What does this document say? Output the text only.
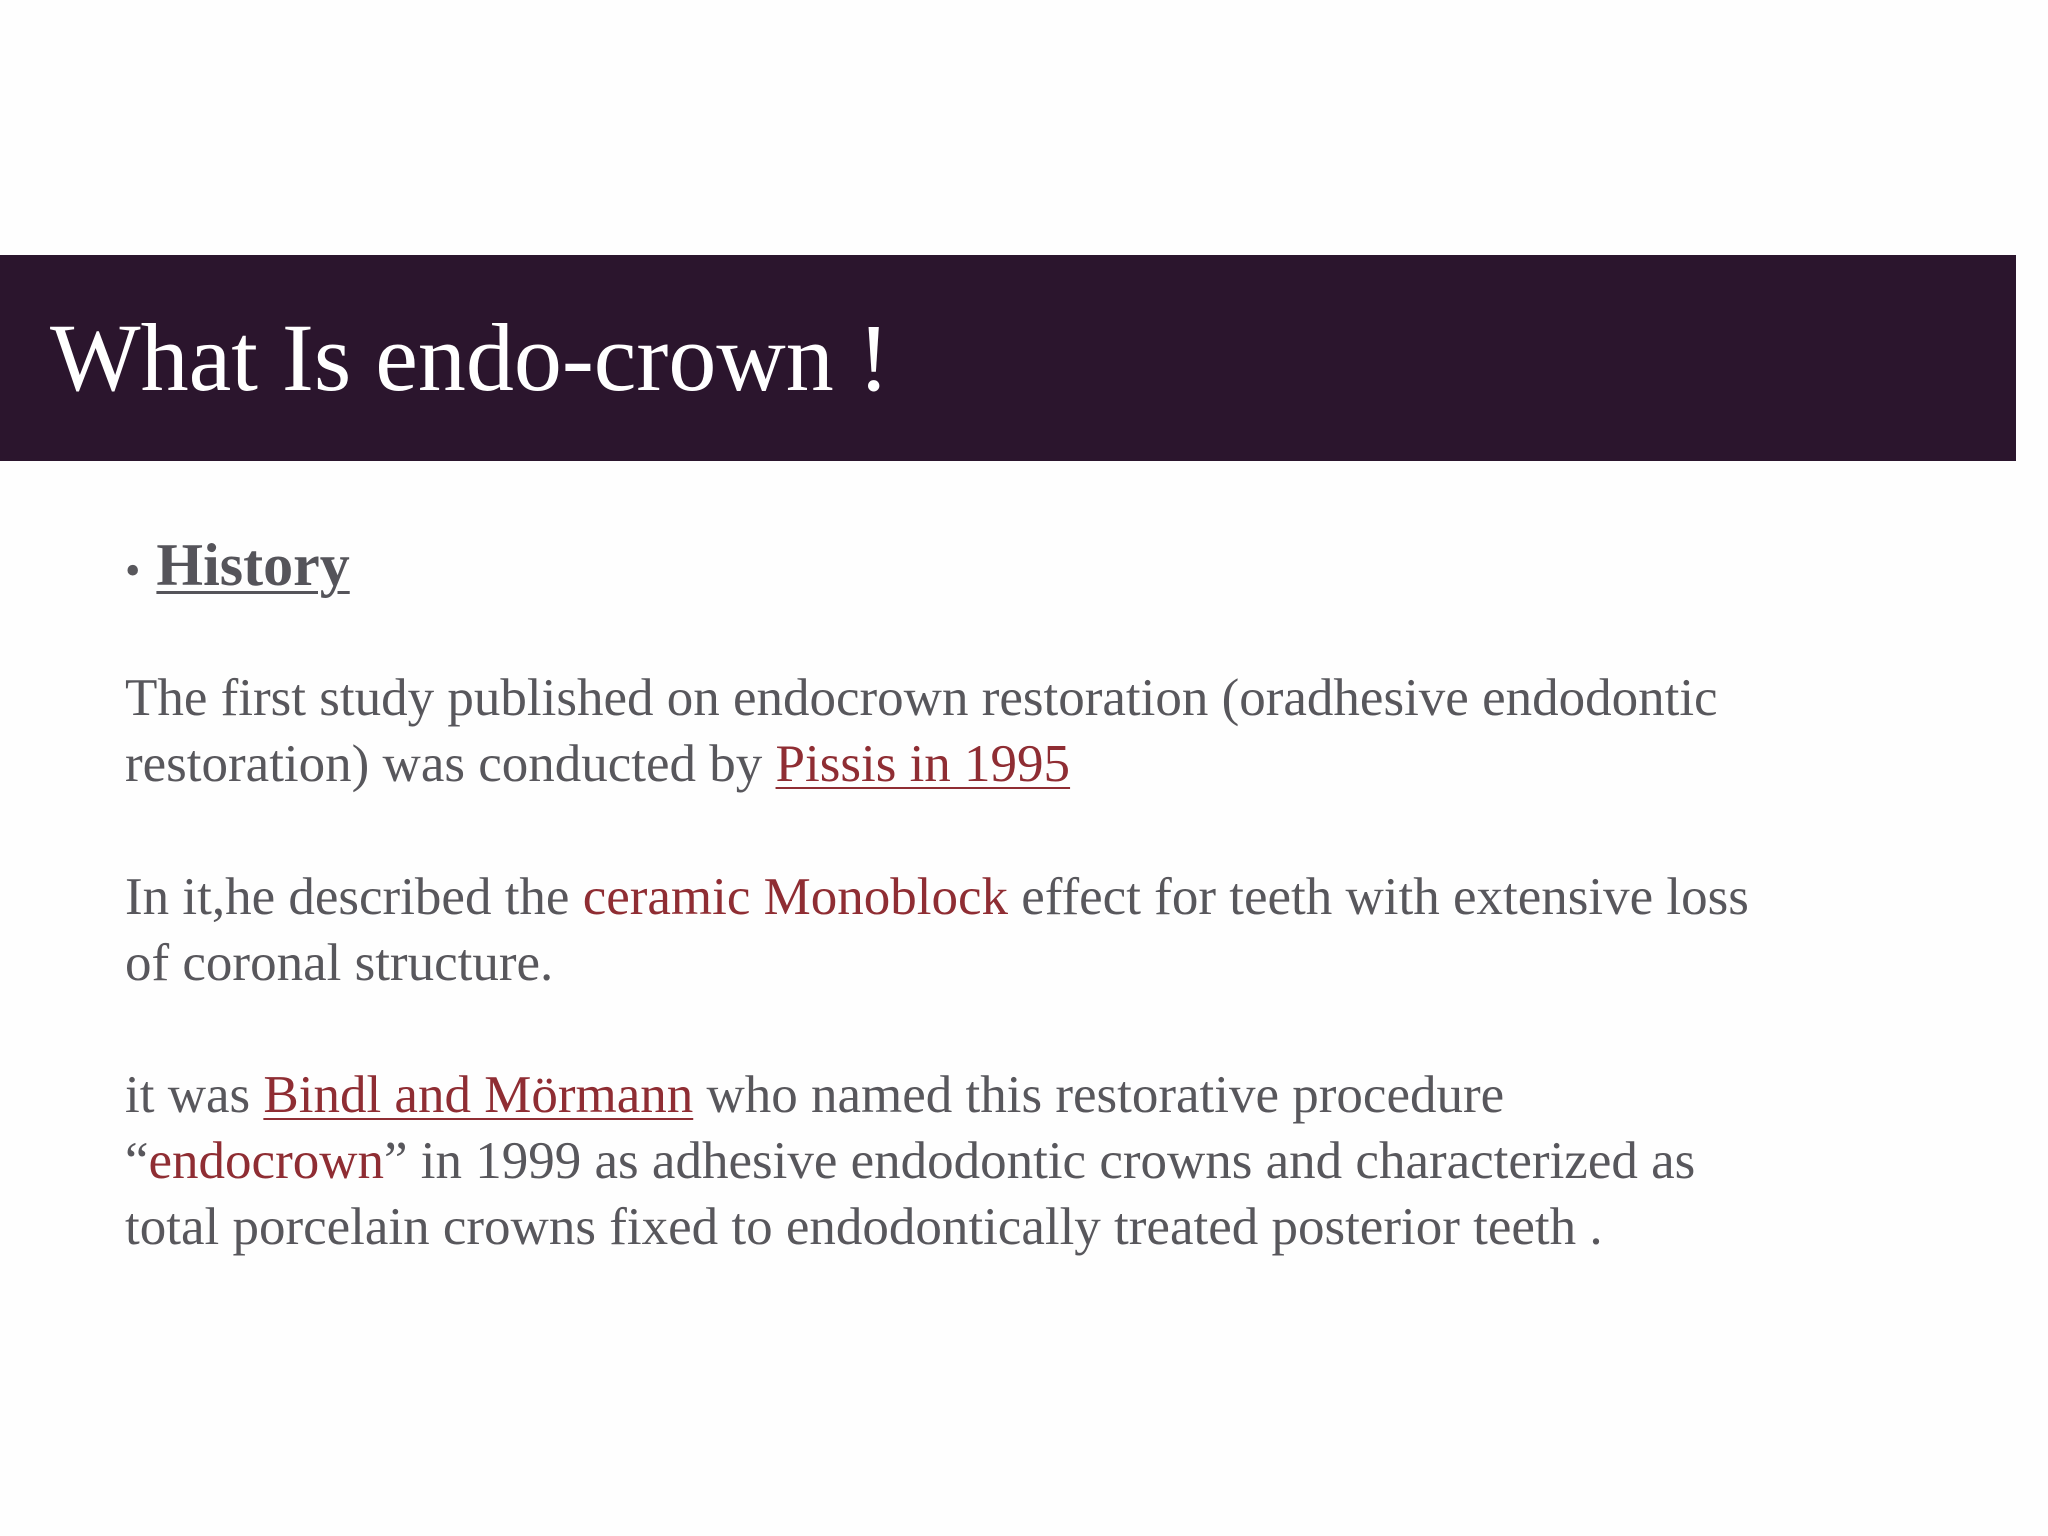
What Is endo-crown !
• History
The first study published on endocrown restoration (oradhesive endodontic
restoration) was conducted by Pissis in 1995
In it,he described the ceramic Monoblock effect for teeth with extensive loss
of coronal structure.
it was Bindl and Mörmann who named this restorative procedure
“endocrown” in 1999 as adhesive endodontic crowns and characterized as
total porcelain crowns fixed to endodontically treated posterior teeth .
